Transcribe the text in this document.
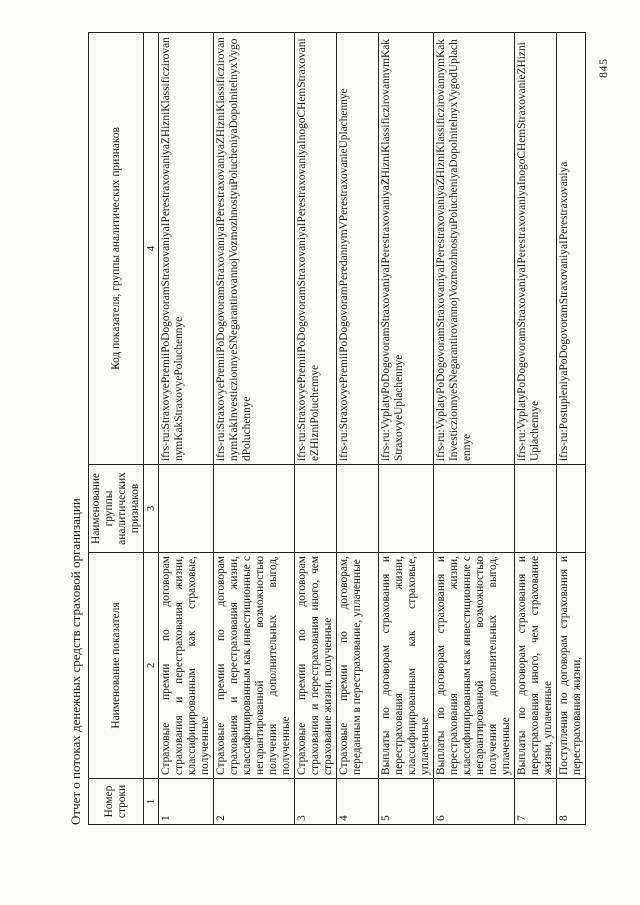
845
Отчет о потоках денежных средств страховой организации Номер строки	Наименование показателя	Наименование группы аналитических признаков	Код показателя, группы аналитических признаков
1	2	3	4
1	Страховые премии по договорам страхования и перестрахования жизни, классифицированным как страховые, полученные		ifrs-ru:StraxovyePremiiPoDogovoramStraxovaniyaIPerestraxovaniyaZHizniKlassificzirovannymKakStraxovyePoluchennye
2	Страховые премии по договорам страхования и перестрахования жизни, классифицированным как инвестиционные с негарантированной возможностью получения дополнительных выгод, полученные		ifrs-ru:StraxovyePremiiPoDogovoramStraxovaniyaIPerestraxovaniyaZHizniKlassificzirovannymKakInvesticzionnyeSNegarantirovannojVozmozhnostyuPolucheniyaDopolnitelnyxVygodPoluchennye
3	Страховые премии по договорам страхования и перестрахования иного, чем страхование жизни, полученные		ifrs-ru:StraxovyePremiiPoDogovoramStraxovaniyaIPerestraxovaniyaInogoCHemStraxovanieZHizniPoluchennye
4	Страховые премии по договорам, переданным в перестрахование, уплаченные		ifrs-ru:StraxovyePremiiPoDogovoramPeredannymVPerestraxovanieUplachennye
5	Выплаты по договорам страхования и перестрахования жизни, классифицированным как страховые, уплаченные		ifrs-ru:VyplatyPoDogovoramStraxovaniyaIPerestraxovaniyaZHizniKlassificzirovannymKakStraxovyeUplachennye
6	Выплаты по договорам страхования и перестрахования жизни, классифицированным как инвестиционные с негарантированной возможностью получения дополнительных выгод, уплаченные		ifrs-ru:VyplatyPoDogovoramStraxovaniyaIPerestraxovaniyaZHizniKlassificzirovannymKakInvesticzionnyeSNegarantirovannojVozmozhnostyuPolucheniyaDopolnitelnyxVygodUplachennye
7	Выплаты по договорам страхования и перестрахования иного, чем страхование жизни, уплаченные		ifrs-ru:VyplatyPoDogovoramStraxovaniyaIPerestraxovaniyaInogoCHemStraxovanieZHizniUplachennye
8	Поступления по договорам страхования и перестрахования жизни,		ifrs-ru:PostupleniyaPoDogovoramStraxovaniyaIPerestraxovaniya
